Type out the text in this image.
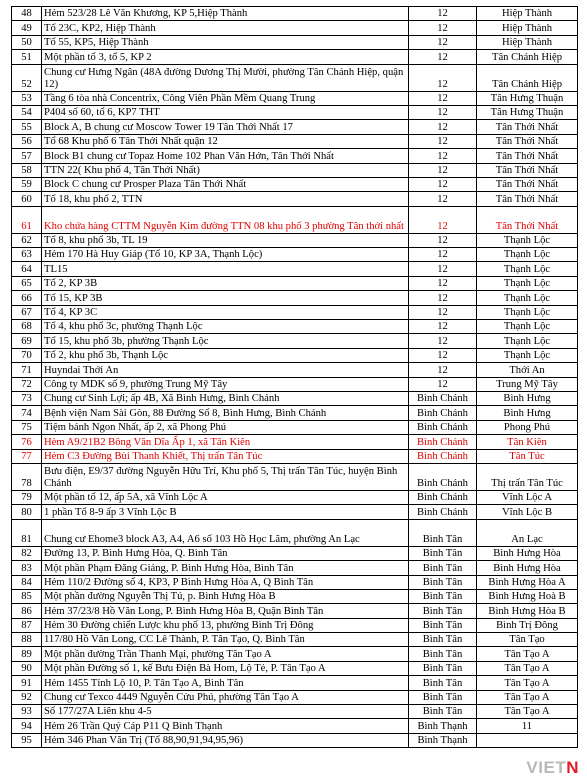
48	Hẻm 523/28 Lê Văn Khương, KP 5,Hiệp Thành	12	Hiệp Thành
49	Tổ 23C, KP2, Hiệp Thành	12	Hiệp Thành
50	Tổ 55, KP5, Hiệp Thành	12	Hiệp Thành
51	Một phần tổ 3, tổ 5, KP 2	12	Tân Chánh Hiệp
52	Chung cư Hưng Ngân (48A đường Dương Thị Mười, phường Tân Chánh Hiệp, quận 12)	12	Tân Chánh Hiệp
53	Tầng 6 tòa nhà Concentrix, Công Viên Phần Mềm Quang Trung	12	Tân Hưng Thuận
54	P404 số 60, tổ 6, KP7 THT	12	Tân Hưng Thuận
55	Block A, B chung cư Moscow Tower 19 Tân Thới Nhất 17	12	Tân Thới Nhất
56	Tổ 68 Khu phố 6 Tân Thới Nhất quận 12	12	Tân Thới Nhất
57	Block B1 chung cư Topaz Home 102 Phan Văn Hớn, Tân Thới Nhất	12	Tân Thới Nhất
58	TTN 22( Khu phố 4, Tân Thới Nhất)	12	Tân Thới Nhất
59	Block C chung cư Prosper Plaza Tân Thới Nhất	12	Tân Thới Nhất
60	Tổ 18, khu phố 2, TTN	12	Tân Thới Nhất
61	Kho chứa hàng CTTM Nguyễn Kim đường TTN 08 khu phố 3 phường Tân thới nhất	12	Tân Thới Nhất
62	Tổ 8, khu phố 3b, TL 19	12	Thạnh Lộc
63	Hẻm 170 Hà Huy Giáp (Tổ 10, KP 3A, Thạnh Lộc)	12	Thạnh Lộc
64	TL15	12	Thạnh Lộc
65	Tổ 2, KP 3B	12	Thạnh Lộc
66	Tổ 15, KP 3B	12	Thạnh Lộc
67	Tổ 4, KP 3C	12	Thạnh Lộc
68	Tổ 4, khu phố 3c, phường Thạnh Lộc	12	Thạnh Lộc
69	Tổ 15, khu phố 3b, phường Thạnh Lộc	12	Thạnh Lộc
70	Tổ 2, khu phố 3b, Thạnh Lộc	12	Thạnh Lộc
71	Huyndai Thới An	12	Thới An
72	Công ty MDK số 9, phường Trung Mỹ Tây	12	Trung Mỹ Tây
73	Chung cư Sinh Lợi; ấp 4B, Xã Bình Hưng, Bình Chánh	Bình Chánh	Bình Hưng
74	Bệnh viện Nam Sài Gòn, 88 Đường Số 8, Bình Hưng, Bình Chánh	Bình Chánh	Bình Hưng
75	Tiệm bánh Ngon Nhất, ấp 2, xã Phong Phú	Bình Chánh	Phong Phú
76	Hẻm A9/21B2 Bông Văn Dĩa Ấp 1, xã Tân Kiên	Bình Chánh	Tân Kiên
77	Hẻm C3 Đường Bùi Thanh Khiết, Thị trấn Tân Túc	Bình Chánh	Tân Túc
78	Bưu điện, E9/37 đường Nguyễn Hữu Trí, Khu phố 5, Thị trấn Tân Túc, huyện Bình Chánh	Bình Chánh	Thị trấn Tân Túc
79	Một phần tổ 12, ấp 5A, xã Vĩnh Lộc A	Bình Chánh	Vĩnh Lộc A
80	1 phần Tổ 8-9 ấp 3 Vĩnh Lộc B	Bình Chánh	Vĩnh Lộc B
81	Chung cư Ehome3 block A3, A4, A6 số 103 Hồ Học Lãm, phường An Lạc	Bình Tân	An Lạc
82	Đường 13, P. Bình Hưng Hòa, Q. Bình Tân	Bình Tân	Bình Hưng Hòa
83	Một phần Phạm Đăng Giảng, P. Bình Hưng Hòa, Bình Tân	Bình Tân	Bình Hưng Hòa
84	Hẻm 110/2 Đường số 4, KP3, P Bình Hưng Hòa A, Q Bình Tân	Bình Tân	Bình Hưng Hòa A
85	Một phần đường Nguyễn Thị Tú, p. Bình Hưng Hòa B	Bình Tân	Bình Hưng Hoà B
86	Hẻm 37/23/8 Hồ Văn Long, P. Bình Hưng Hòa B, Quận Bình Tân	Bình Tân	Bình Hưng Hòa B
87	Hẻm 30 Đường chiến Lược khu phố 13, phường Bình Trị Đông	Bình Tân	Bình Trị Đông
88	117/80 Hồ Văn Long, CC Lê Thành, P. Tân Tạo, Q. Bình Tân	Bình Tân	Tân Tạo
89	Một phần đường Trần Thanh Mại, phường Tân Tạo A	Bình Tân	Tân Tạo A
90	Một phần Đường số 1, kế Bưu Điện Bà Hom, Lộ Tẻ, P. Tân Tạo A	Bình Tân	Tân Tạo A
91	Hẻm 1455 Tỉnh Lộ 10, P. Tân Tạo A, Bình Tân	Bình Tân	Tân Tạo A
92	Chung cư Texco 4449 Nguyễn Cửu Phú, phường Tân Tạo A	Bình Tân	Tân Tạo A
93	Số 177/27A Liên khu 4-5	Bình Tân	Tân Tạo A
94	Hẻm 26 Trần Quý Cáp P11 Q Bình Thạnh	Bình Thạnh	11
95	Hẻm 346 Phan Văn Trị (Tổ 88,90,91,94,95,96)	Bình Thạnh	
VIETN
